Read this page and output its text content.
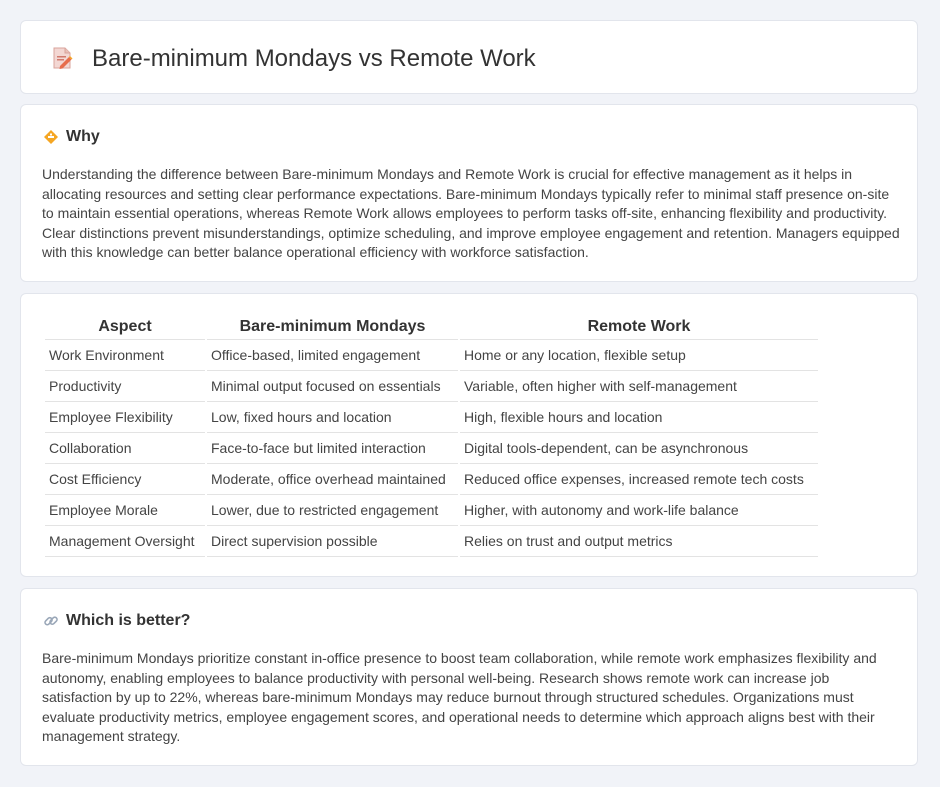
Bare-minimum Mondays vs Remote Work
Why

Understanding the difference between Bare-minimum Mondays and Remote Work is crucial for effective management as it helps in allocating resources and setting clear performance expectations. Bare-minimum Mondays typically refer to minimal staff presence on-site to maintain essential operations, whereas Remote Work allows employees to perform tasks off-site, enhancing flexibility and productivity. Clear distinctions prevent misunderstandings, optimize scheduling, and improve employee engagement and retention. Managers equipped with this knowledge can better balance operational efficiency with workforce satisfaction.

Aspect	Bare-minimum Mondays	Remote Work
Work Environment	Office-based, limited engagement	Home or any location, flexible setup
Productivity	Minimal output focused on essentials	Variable, often higher with self-management
Employee Flexibility	Low, fixed hours and location	High, flexible hours and location
Collaboration	Face-to-face but limited interaction	Digital tools-dependent, can be asynchronous
Cost Efficiency	Moderate, office overhead maintained	Reduced office expenses, increased remote tech costs
Employee Morale	Lower, due to restricted engagement	Higher, with autonomy and work-life balance
Management Oversight	Direct supervision possible	Relies on trust and output metrics
Which is better?

Bare-minimum Mondays prioritize constant in-office presence to boost team collaboration, while remote work emphasizes flexibility and autonomy, enabling employees to balance productivity with personal well-being. Research shows remote work can increase job satisfaction by up to 22%, whereas bare-minimum Mondays may reduce burnout through structured schedules. Organizations must evaluate productivity metrics, employee engagement scores, and operational needs to determine which approach aligns best with their management strategy.
